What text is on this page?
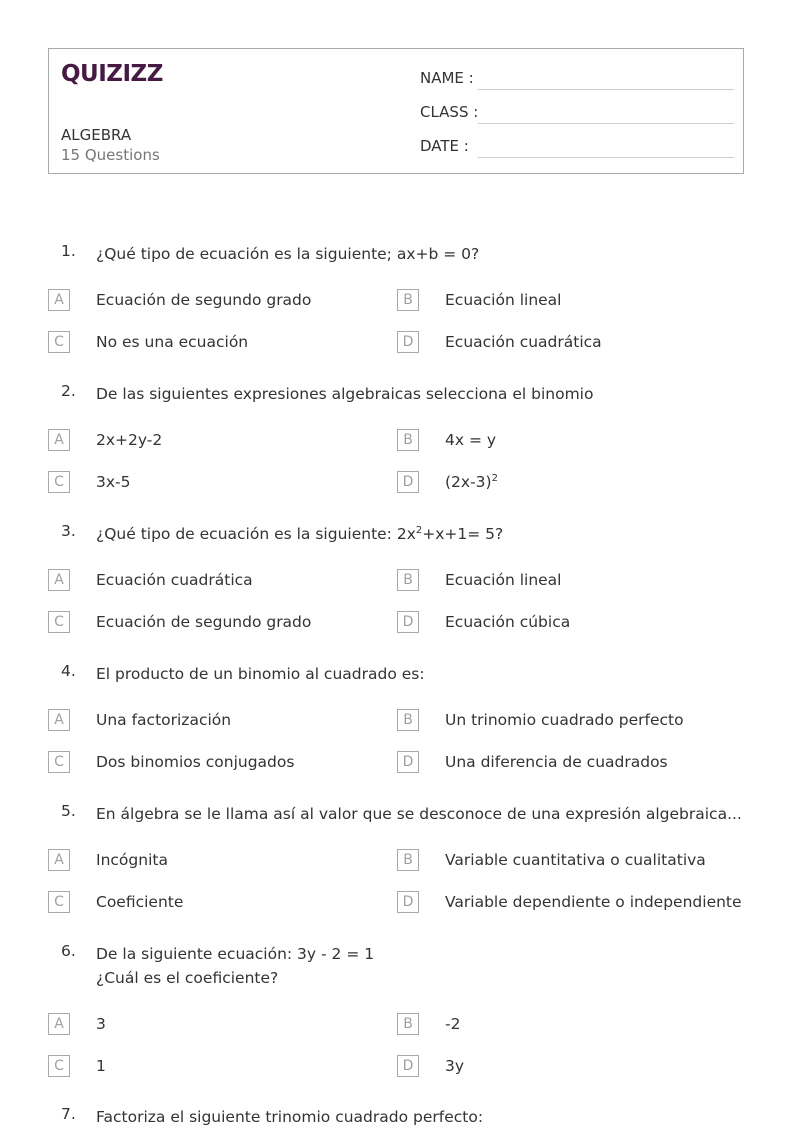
QUIZIZZ
ALGEBRA
15 Questions
NAME :
CLASS :
DATE :
1. ¿Qué tipo de ecuación es la siguiente; ax+b = 0?
A	Ecuación de segundo grado	B	Ecuación lineal
C	No es una ecuación	D	Ecuación cuadrática
2. De las siguientes expresiones algebraicas selecciona el binomio
A	2x+2y-2	B	4x = y
C	3x-5	D	$(2x-3)^2$
3. ¿Qué tipo de ecuación es la siguiente: $2x^2+x+1= 5$?
A	Ecuación cuadrática	B	Ecuación lineal
C	Ecuación de segundo grado	D	Ecuación cúbica
4. El producto de un binomio al cuadrado es:
A	Una factorización	B	Un trinomio cuadrado perfecto
C	Dos binomios conjugados	D	Una diferencia de cuadrados
5. En álgebra se le llama así al valor que se desconoce de una expresión algebraica...
A	Incógnita	B	Variable cuantitativa o cualitativa
C	Coeficiente	D	Variable dependiente o independiente
6. De la siguiente ecuación: 3y - 2 = 1
¿Cuál es el coeficiente?
A	3	B	-2
C	1	D	3y
7. Factoriza el siguiente trinomio cuadrado perfecto:
